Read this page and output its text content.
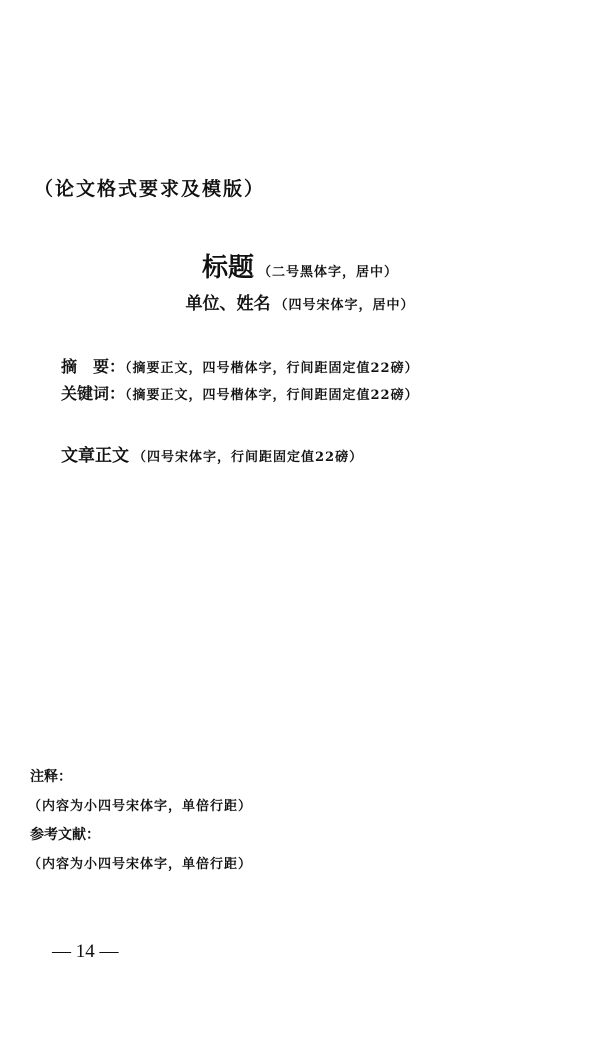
（论文格式要求及模版）
标题 （二号黑体字，居中）
单位、姓名 （四号宋体字，居中）
摘　要：（摘要正文，四号楷体字，行间距固定值22磅）
关键词：（摘要正文，四号楷体字，行间距固定值22磅）
文章正文 （四号宋体字，行间距固定值22磅）
注释：
（内容为小四号宋体字，单倍行距）
参考文献：
（内容为小四号宋体字，单倍行距）
— 14 —
